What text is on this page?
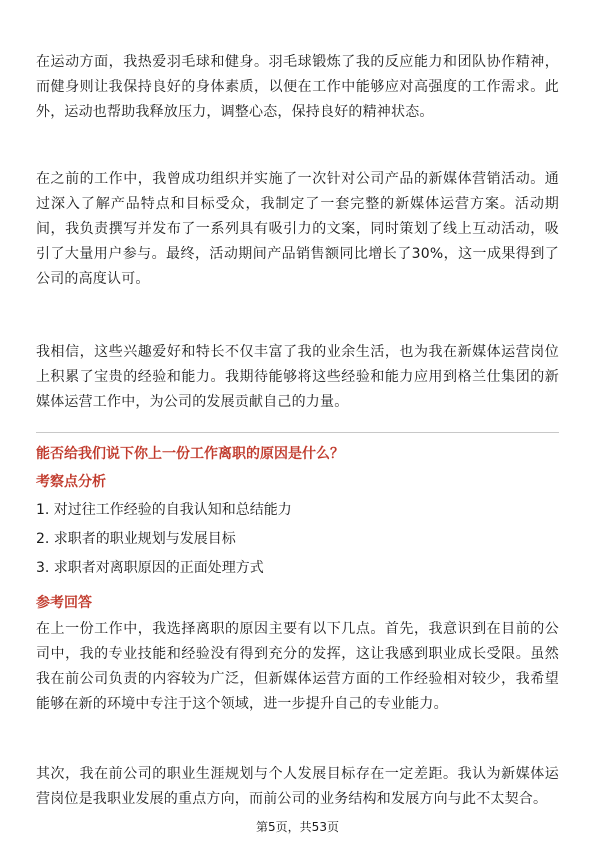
在运动方面，我热爱羽毛球和健身。羽毛球锻炼了我的反应能力和团队协作精神，而健身则让我保持良好的身体素质，以便在工作中能够应对高强度的工作需求。此外，运动也帮助我释放压力，调整心态，保持良好的精神状态。

在之前的工作中，我曾成功组织并实施了一次针对公司产品的新媒体营销活动。通过深入了解产品特点和目标受众，我制定了一套完整的新媒体运营方案。活动期间，我负责撰写并发布了一系列具有吸引力的文案，同时策划了线上互动活动，吸引了大量用户参与。最终，活动期间产品销售额同比增长了30%，这一成果得到了公司的高度认可。

我相信，这些兴趣爱好和特长不仅丰富了我的业余生活，也为我在新媒体运营岗位上积累了宝贵的经验和能力。我期待能够将这些经验和能力应用到格兰仕集团的新媒体运营工作中，为公司的发展贡献自己的力量。

能否给我们说下你上一份工作离职的原因是什么？

考察点分析

1. 对过往工作经验的自我认知和总结能力

2. 求职者的职业规划与发展目标

3. 求职者对离职原因的正面处理方式

参考回答

在上一份工作中，我选择离职的原因主要有以下几点。首先，我意识到在目前的公司中，我的专业技能和经验没有得到充分的发挥，这让我感到职业成长受限。虽然我在前公司负责的内容较为广泛，但新媒体运营方面的工作经验相对较少，我希望能够在新的环境中专注于这个领域，进一步提升自己的专业能力。

其次，我在前公司的职业生涯规划与个人发展目标存在一定差距。我认为新媒体运营岗位是我职业发展的重点方向，而前公司的业务结构和发展方向与此不太契合。

第5页，共53页
